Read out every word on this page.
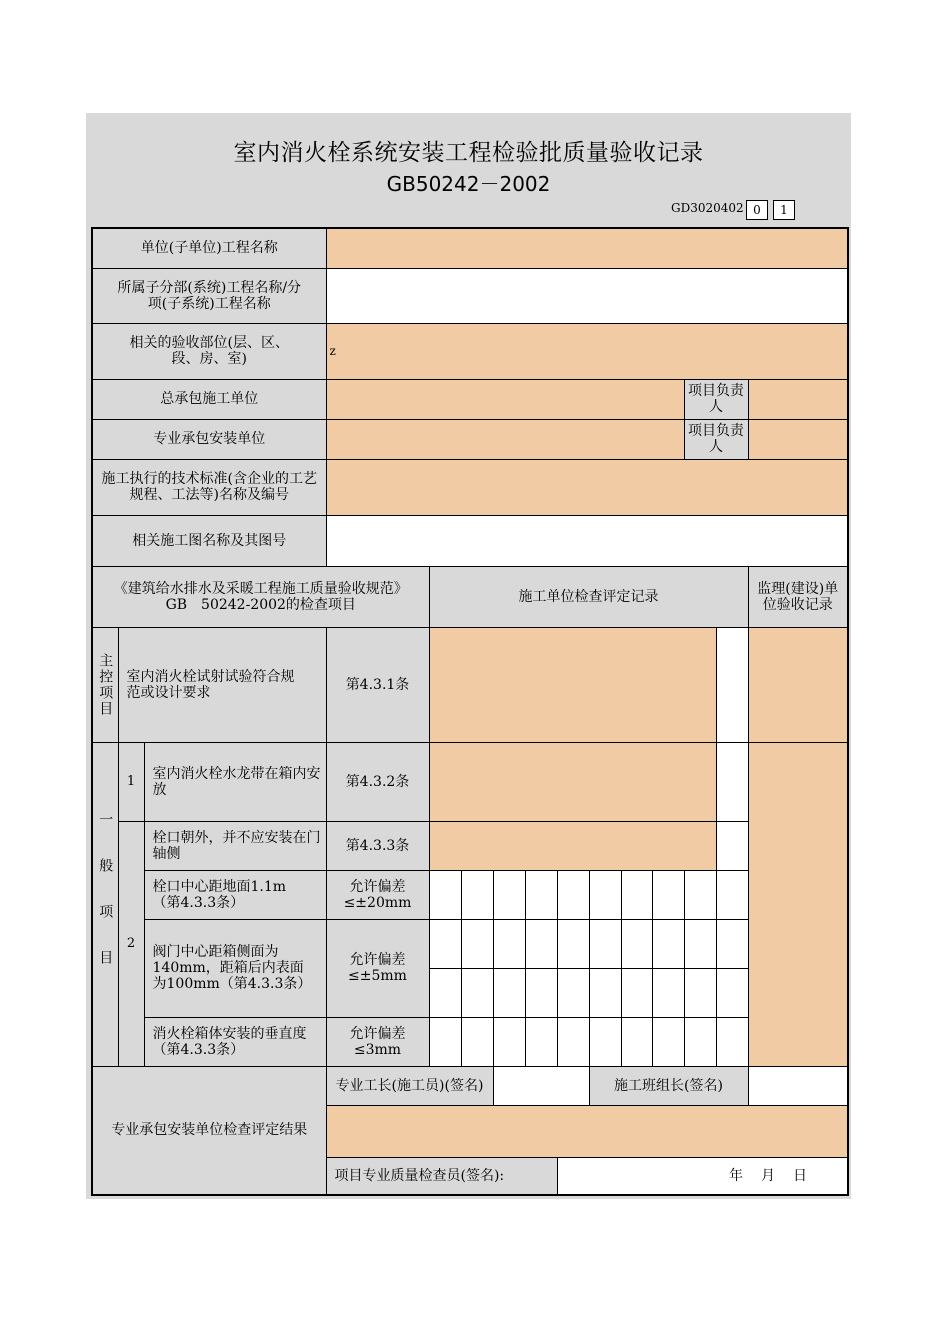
室内消火栓系统安装工程检验批质量验收记录
GB50242－2002
GD3020402 0	1
单位(子单位)工程名称														

所属子分部(系统)工程名称/分项(子系统)工程名称														

相关的验收部位(层、区、段、房、室)			z											
总承包施工单位												项目负责人		
专业承包安装单位												项目负责人		

施工执行的技术标准(含企业的工艺规程、工法等)名称及编号														

相关施工图名称及其图号														

《建筑给水排水及采暖工程施工质量验收规范》
GB　50242-2002的检查项目				施工单位检查评定记录										监理(建设)单位验收记录

主控项目	室内消火栓试射试验符合规范或设计要求		第4.3.1条											

一般项目	1	室内消火栓水龙带在箱内安放	第4.3.2条											
	2	栓口朝外，并不应安装在门轴侧	第4.3.3条											

		栓口中心距地面1.1m（第4.3.3条）	允许偏差≤±20mm											

		阀门中心距箱侧面为140mm，距箱后内表面为100mm（第4.3.3条）	允许偏差≤±5mm											

		消火栓箱体安装的垂直度 （第4.3.3条）	允许偏差≤3mm											

专业承包安装单位检查评定结果			专业工长(施工员)(签名)						施工班组长(签名)					

			项目专业质量检查员(签名):					年 月 日						
